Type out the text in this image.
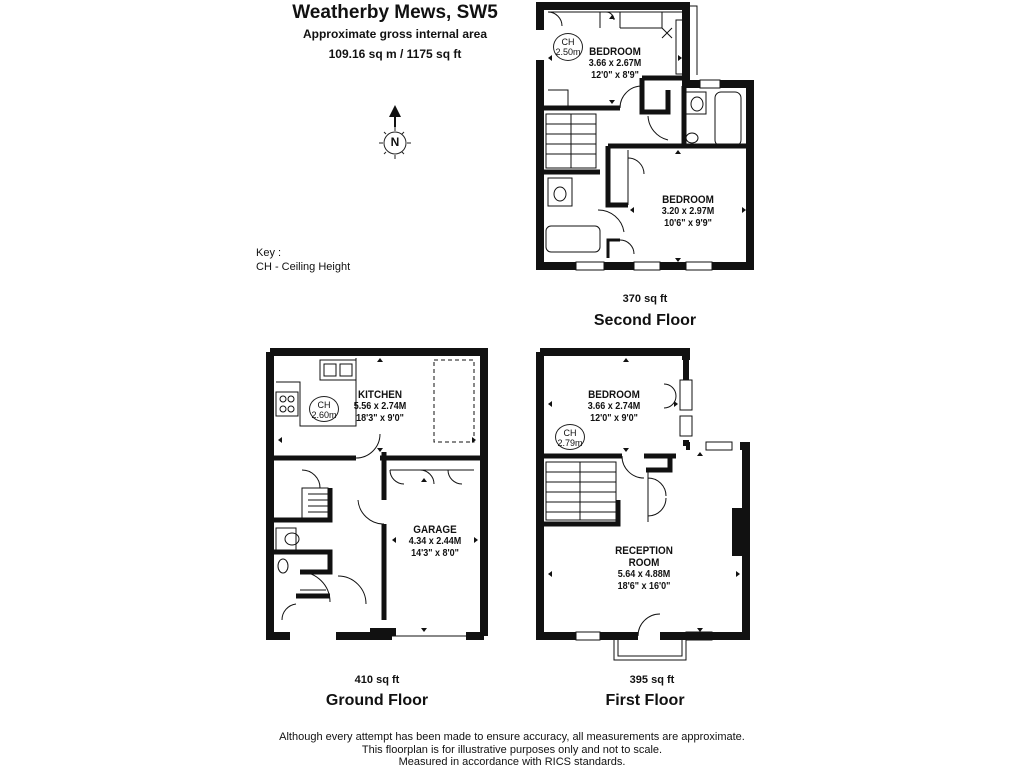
Weatherby Mews, SW5
Approximate gross internal area
109.16 sq m / 1175 sq ft
N
Key :
CH - Ceiling Height
BEDROOM
3.66 x 2.67M
12'0" x 8'9"
CH
2.50m
BEDROOM
3.20 x 2.97M
10'6" x 9'9"
370 sq ft
Second Floor
KITCHEN
5.56 x 2.74M
18'3" x 9'0"
CH
2.60m
GARAGE
4.34 x 2.44M
14'3" x 8'0"
410 sq ft
Ground Floor
BEDROOM
3.66 x 2.74M
12'0" x 9'0"
CH
2.79m
RECEPTION
ROOM
5.64 x 4.88M
18'6" x 16'0"
395 sq ft
First Floor
Although every attempt has been made to ensure accuracy, all measurements are approximate.
This floorplan is for illustrative purposes only and not to scale.
Measured in accordance with RICS standards.
